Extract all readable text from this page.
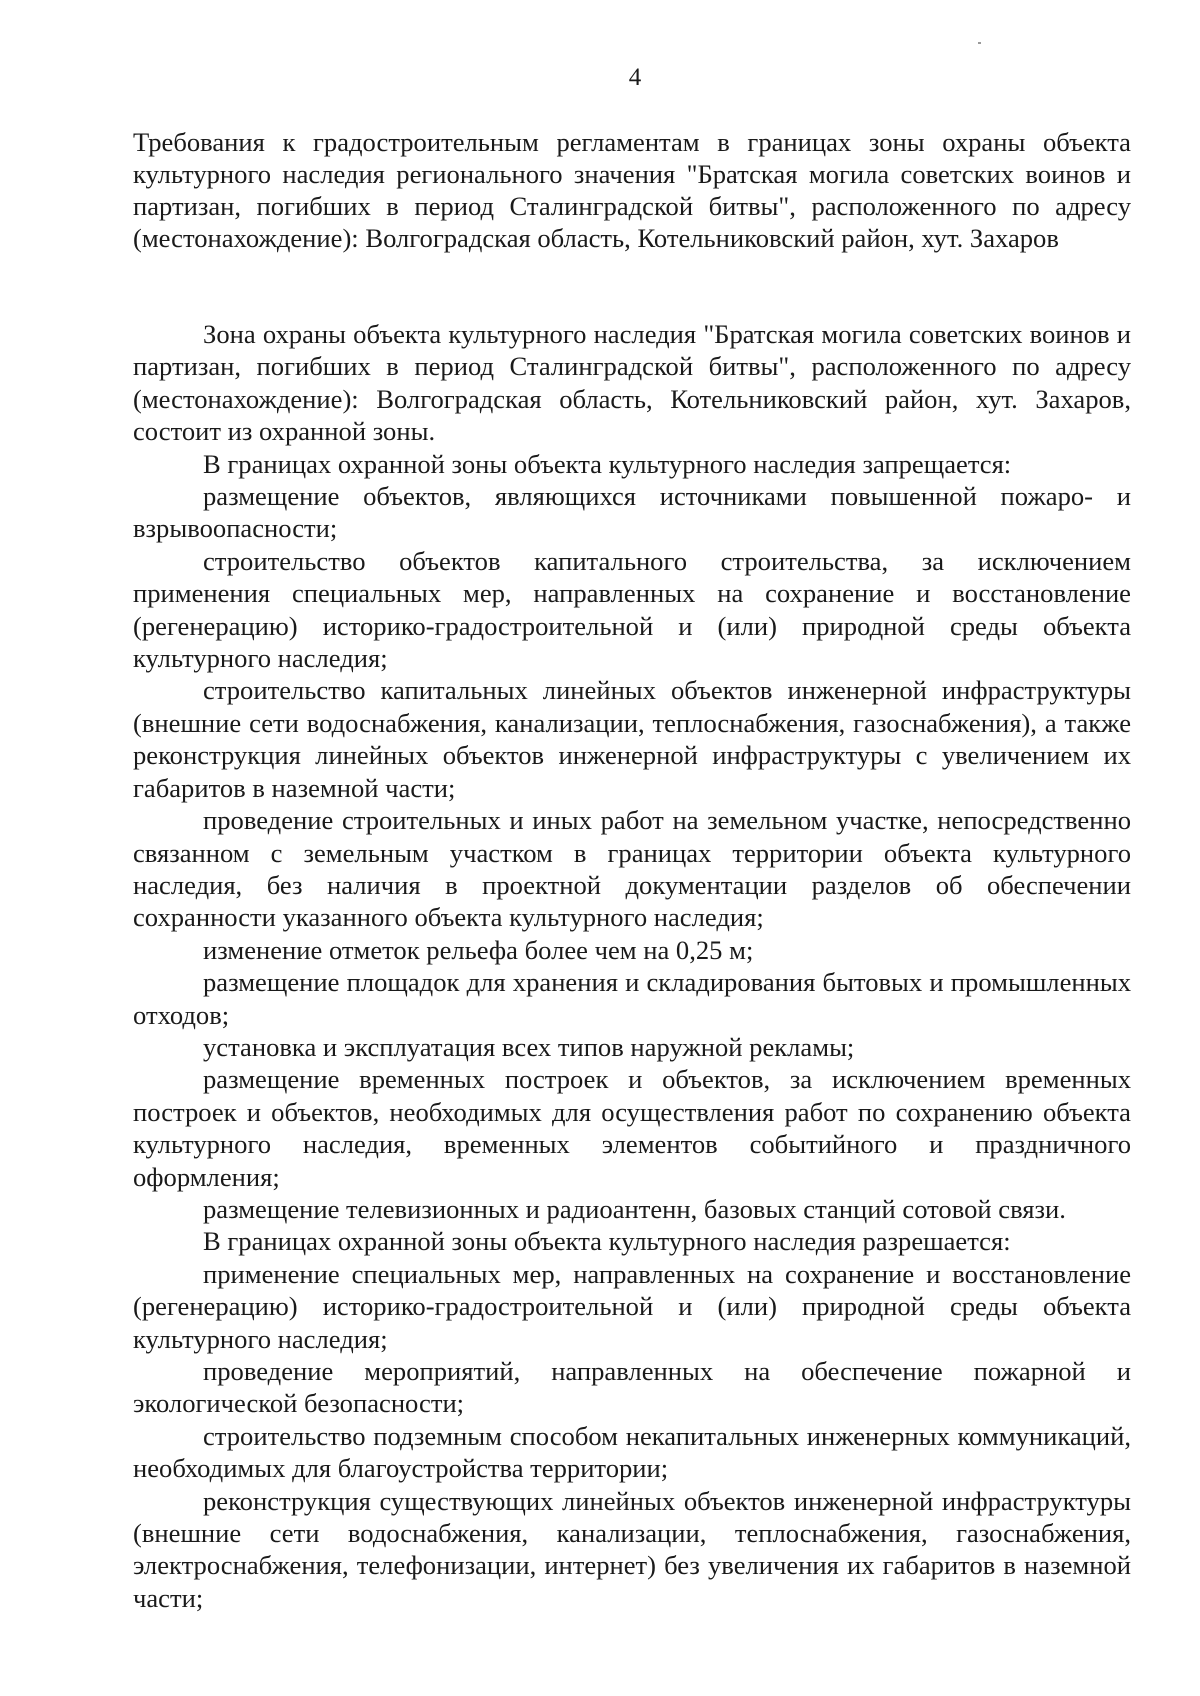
4
Требования к градостроительным регламентам в границах зоны охраны объекта культурного наследия регионального значения "Братская могила советских воинов и партизан, погибших в период Сталинградской битвы", расположенного по адресу (местонахождение): Волгоградская область, Котельниковский район, хут. Захаров

Зона охраны объекта культурного наследия "Братская могила советских воинов и партизан, погибших в период Сталинградской битвы", расположенного по адресу (местонахождение): Волгоградская область, Котельниковский район, хут. Захаров, состоит из охранной зоны.

В границах охранной зоны объекта культурного наследия запрещается:

размещение объектов, являющихся источниками повышенной пожаро- и взрывоопасности;

строительство объектов капитального строительства, за исключением применения специальных мер, направленных на сохранение и восстановление (регенерацию) историко-градостроительной и (или) природной среды объекта культурного наследия;

строительство капитальных линейных объектов инженерной инфраструктуры (внешние сети водоснабжения, канализации, теплоснабжения, газоснабжения), а также реконструкция линейных объектов инженерной инфраструктуры с увеличением их габаритов в наземной части;

проведение строительных и иных работ на земельном участке, непосредственно связанном с земельным участком в границах территории объекта культурного наследия, без наличия в проектной документации разделов об обеспечении сохранности указанного объекта культурного наследия;

изменение отметок рельефа более чем на 0,25 м;

размещение площадок для хранения и складирования бытовых и промышленных отходов;

установка и эксплуатация всех типов наружной рекламы;

размещение временных построек и объектов, за исключением временных построек и объектов, необходимых для осуществления работ по сохранению объекта культурного наследия, временных элементов событийного и праздничного оформления;

размещение телевизионных и радиоантенн, базовых станций сотовой связи.

В границах охранной зоны объекта культурного наследия разрешается:

применение специальных мер, направленных на сохранение и восстановление (регенерацию) историко-градостроительной и (или) природной среды объекта культурного наследия;

проведение мероприятий, направленных на обеспечение пожарной и экологической безопасности;

строительство подземным способом некапитальных инженерных коммуникаций, необходимых для благоустройства территории;

реконструкция существующих линейных объектов инженерной инфраструктуры (внешние сети водоснабжения, канализации, теплоснабжения, газоснабжения, электроснабжения, телефонизации, интернет) без увеличения их габаритов в наземной части;
